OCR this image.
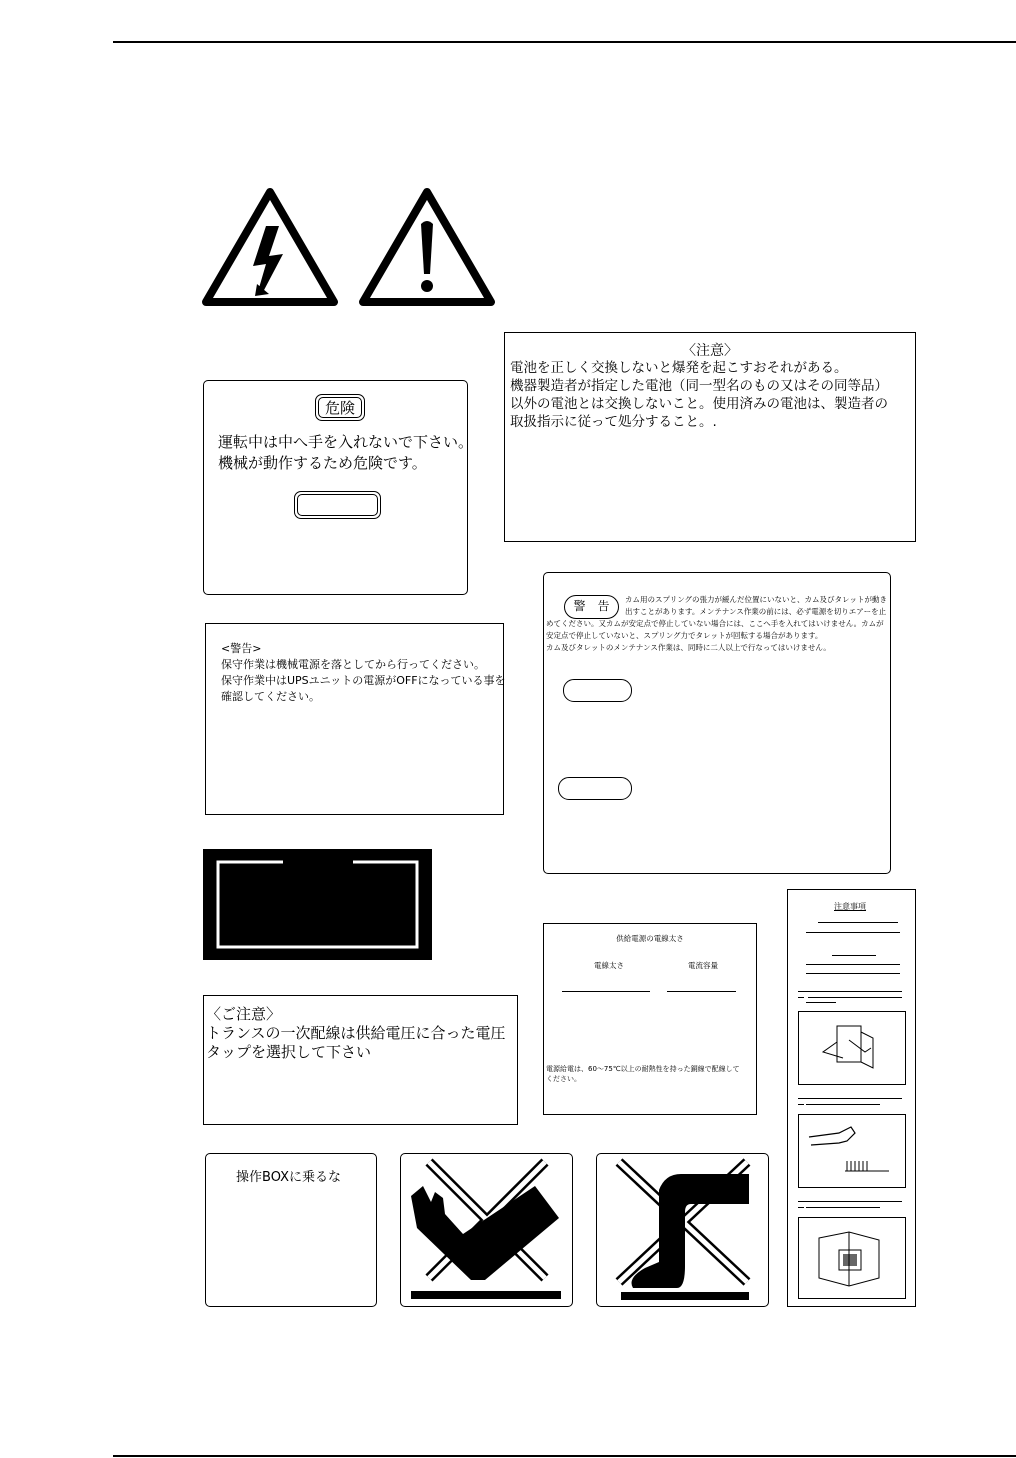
〈注意〉
電池を正しく交換しないと爆発を起こすおそれがある。
機器製造者が指定した電池（同一型名のもの又はその同等品）
以外の電池とは交換しないこと。使用済みの電池は、製造者の
取扱指示に従って処分すること。.
危険
運転中は中へ手を入れないで下さい。
機械が動作するため危険です。
警　告	カム用のスプリングの張力が緩んだ位置にいないと、カム及びタレットが動き
出すことがあります。メンテナンス作業の前には、必ず電源を切りエアーを止
めてください。又カムが安定点で停止していない場合には、ここへ手を入れてはいけません。カムが
安定点で停止していないと、スプリング力でタレットが回転する場合があります。
カム及びタレットのメンテナンス作業は、同時に二人以上で行なってはいけません。
<警告>
保守作業は機械電源を落としてから行ってください。
保守作業中はUPSユニットの電源がOFFになっている事を
確認してください。
〈ご注意〉
トランスの一次配線は供給電圧に合った電圧
タップを選択して下さい
供給電源の電線太さ
電線太さ	電流容量
電源給電は、60～75℃以上の耐熱性を持った銅線で配線して
ください。
注意事項
操作BOXに乗るな
